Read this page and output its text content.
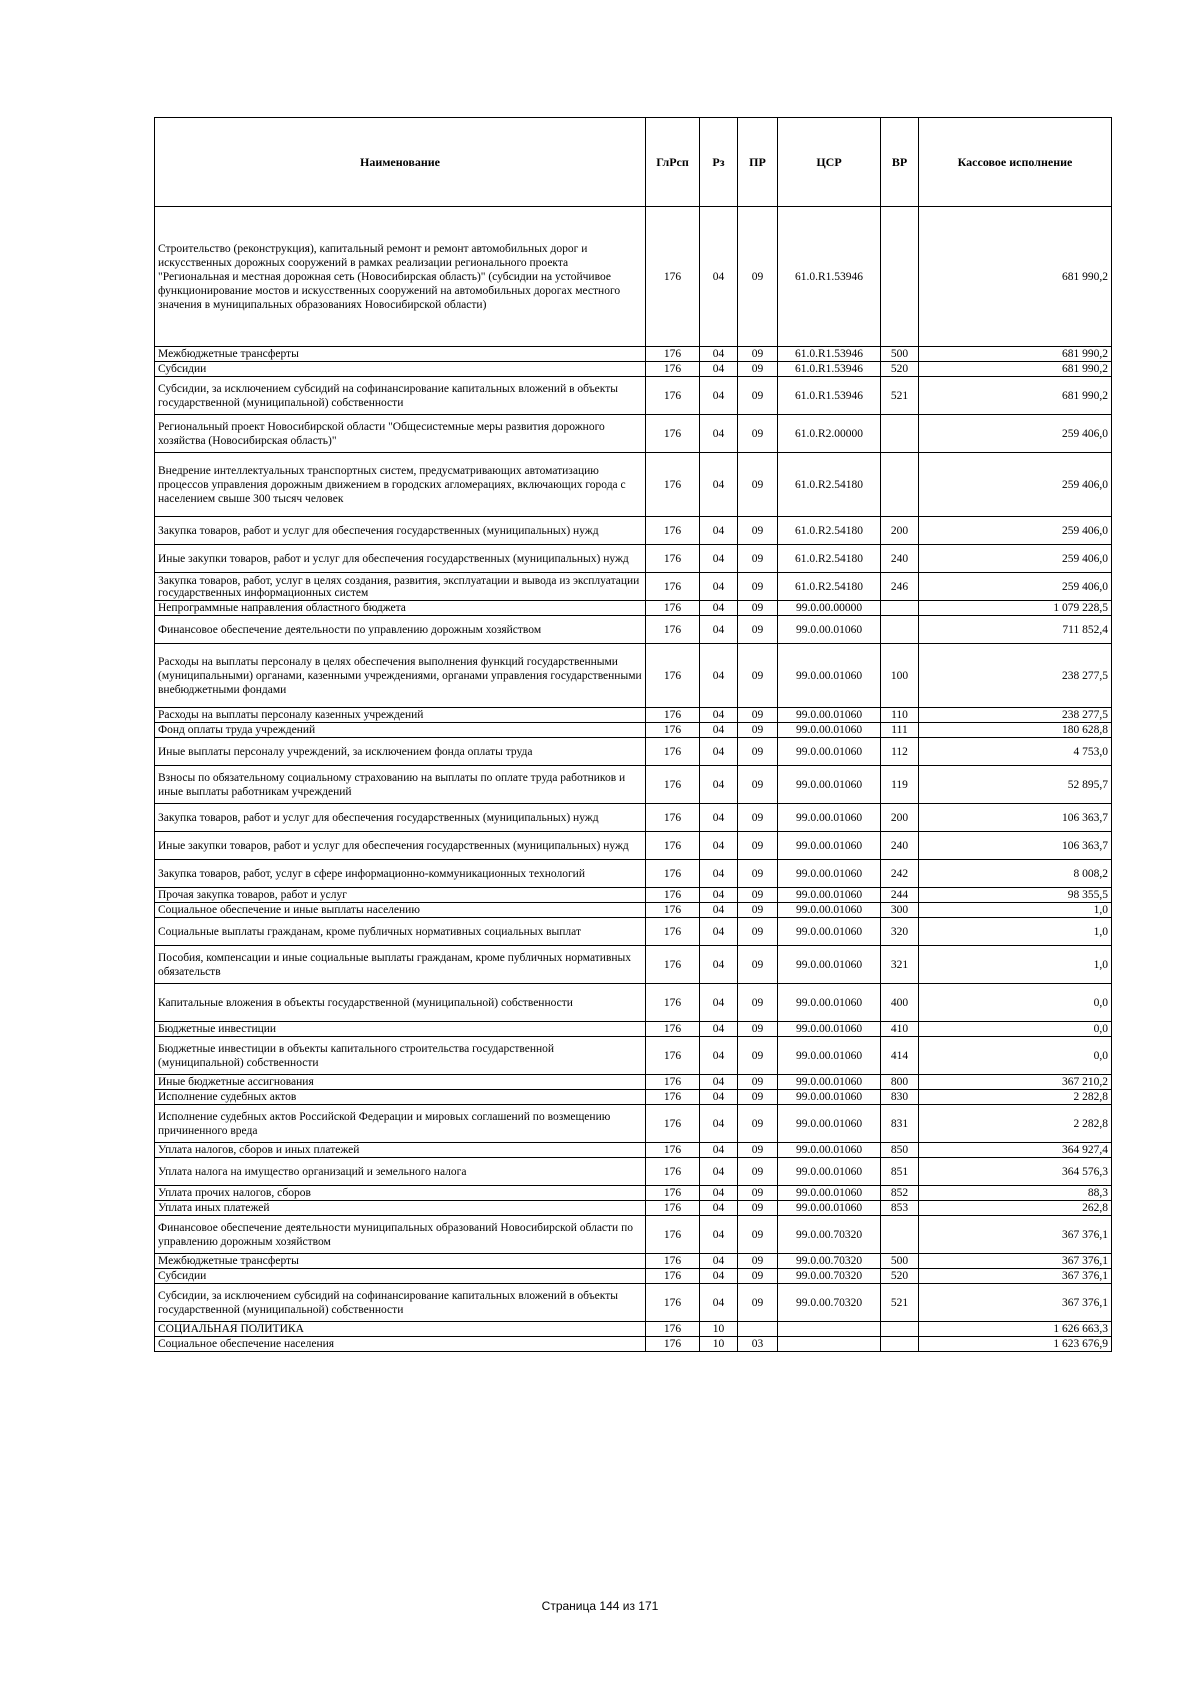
Наименование	ГлРсп	Рз	ПР	ЦСР	ВР	Кассовое исполнение
Строительство (реконструкция), капитальный ремонт и ремонт автомобильных дорог и искусственных дорожных сооружений в рамках реализации регионального проекта "Региональная и местная дорожная сеть (Новосибирская область)" (субсидии на устойчивое функционирование мостов и искусственных сооружений на автомобильных дорогах местного значения в муниципальных образованиях Новосибирской области)	176	04	09	61.0.R1.53946		681 990,2
Межбюджетные трансферты	176	04	09	61.0.R1.53946	500	681 990,2
Субсидии	176	04	09	61.0.R1.53946	520	681 990,2
Субсидии, за исключением субсидий на софинансирование капитальных вложений в объекты государственной (муниципальной) собственности	176	04	09	61.0.R1.53946	521	681 990,2
Региональный проект Новосибирской области "Общесистемные меры развития дорожного хозяйства (Новосибирская область)"	176	04	09	61.0.R2.00000		259 406,0
Внедрение интеллектуальных транспортных систем, предусматривающих автоматизацию процессов управления дорожным движением в городских агломерациях, включающих города с населением свыше 300 тысяч человек	176	04	09	61.0.R2.54180		259 406,0
Закупка товаров, работ и услуг для обеспечения государственных (муниципальных) нужд	176	04	09	61.0.R2.54180	200	259 406,0
Иные закупки товаров, работ и услуг для обеспечения государственных (муниципальных) нужд	176	04	09	61.0.R2.54180	240	259 406,0
Закупка товаров, работ, услуг в целях создания, развития, эксплуатации и вывода из эксплуатации государственных информационных систем	176	04	09	61.0.R2.54180	246	259 406,0
Непрограммные направления областного бюджета	176	04	09	99.0.00.00000		1 079 228,5
Финансовое обеспечение деятельности по управлению дорожным хозяйством	176	04	09	99.0.00.01060		711 852,4
Расходы на выплаты персоналу в целях обеспечения выполнения функций государственными (муниципальными) органами, казенными учреждениями, органами управления государственными внебюджетными фондами	176	04	09	99.0.00.01060	100	238 277,5
Расходы на выплаты персоналу казенных учреждений	176	04	09	99.0.00.01060	110	238 277,5
Фонд оплаты труда учреждений	176	04	09	99.0.00.01060	111	180 628,8
Иные выплаты персоналу учреждений, за исключением фонда оплаты труда	176	04	09	99.0.00.01060	112	4 753,0
Взносы по обязательному социальному страхованию на выплаты по оплате труда работников и иные выплаты работникам учреждений	176	04	09	99.0.00.01060	119	52 895,7
Закупка товаров, работ и услуг для обеспечения государственных (муниципальных) нужд	176	04	09	99.0.00.01060	200	106 363,7
Иные закупки товаров, работ и услуг для обеспечения государственных (муниципальных) нужд	176	04	09	99.0.00.01060	240	106 363,7
Закупка товаров, работ, услуг в сфере информационно-коммуникационных технологий	176	04	09	99.0.00.01060	242	8 008,2
Прочая закупка товаров, работ и услуг	176	04	09	99.0.00.01060	244	98 355,5
Социальное обеспечение и иные выплаты населению	176	04	09	99.0.00.01060	300	1,0
Социальные выплаты гражданам, кроме публичных нормативных социальных выплат	176	04	09	99.0.00.01060	320	1,0
Пособия, компенсации и иные социальные выплаты гражданам, кроме публичных нормативных обязательств	176	04	09	99.0.00.01060	321	1,0
Капитальные вложения в объекты государственной (муниципальной) собственности	176	04	09	99.0.00.01060	400	0,0
Бюджетные инвестиции	176	04	09	99.0.00.01060	410	0,0
Бюджетные инвестиции в объекты капитального строительства государственной (муниципальной) собственности	176	04	09	99.0.00.01060	414	0,0
Иные бюджетные ассигнования	176	04	09	99.0.00.01060	800	367 210,2
Исполнение судебных актов	176	04	09	99.0.00.01060	830	2 282,8
Исполнение судебных актов Российской Федерации и мировых соглашений по возмещению причиненного вреда	176	04	09	99.0.00.01060	831	2 282,8
Уплата налогов, сборов и иных платежей	176	04	09	99.0.00.01060	850	364 927,4
Уплата налога на имущество организаций и земельного налога	176	04	09	99.0.00.01060	851	364 576,3
Уплата прочих налогов, сборов	176	04	09	99.0.00.01060	852	88,3
Уплата иных платежей	176	04	09	99.0.00.01060	853	262,8
Финансовое обеспечение деятельности муниципальных образований Новосибирской области по управлению дорожным хозяйством	176	04	09	99.0.00.70320		367 376,1
Межбюджетные трансферты	176	04	09	99.0.00.70320	500	367 376,1
Субсидии	176	04	09	99.0.00.70320	520	367 376,1
Субсидии, за исключением субсидий на софинансирование капитальных вложений в объекты государственной (муниципальной) собственности	176	04	09	99.0.00.70320	521	367 376,1
СОЦИАЛЬНАЯ ПОЛИТИКА	176	10				1 626 663,3
Социальное обеспечение населения	176	10	03			1 623 676,9
Страница 144 из 171
